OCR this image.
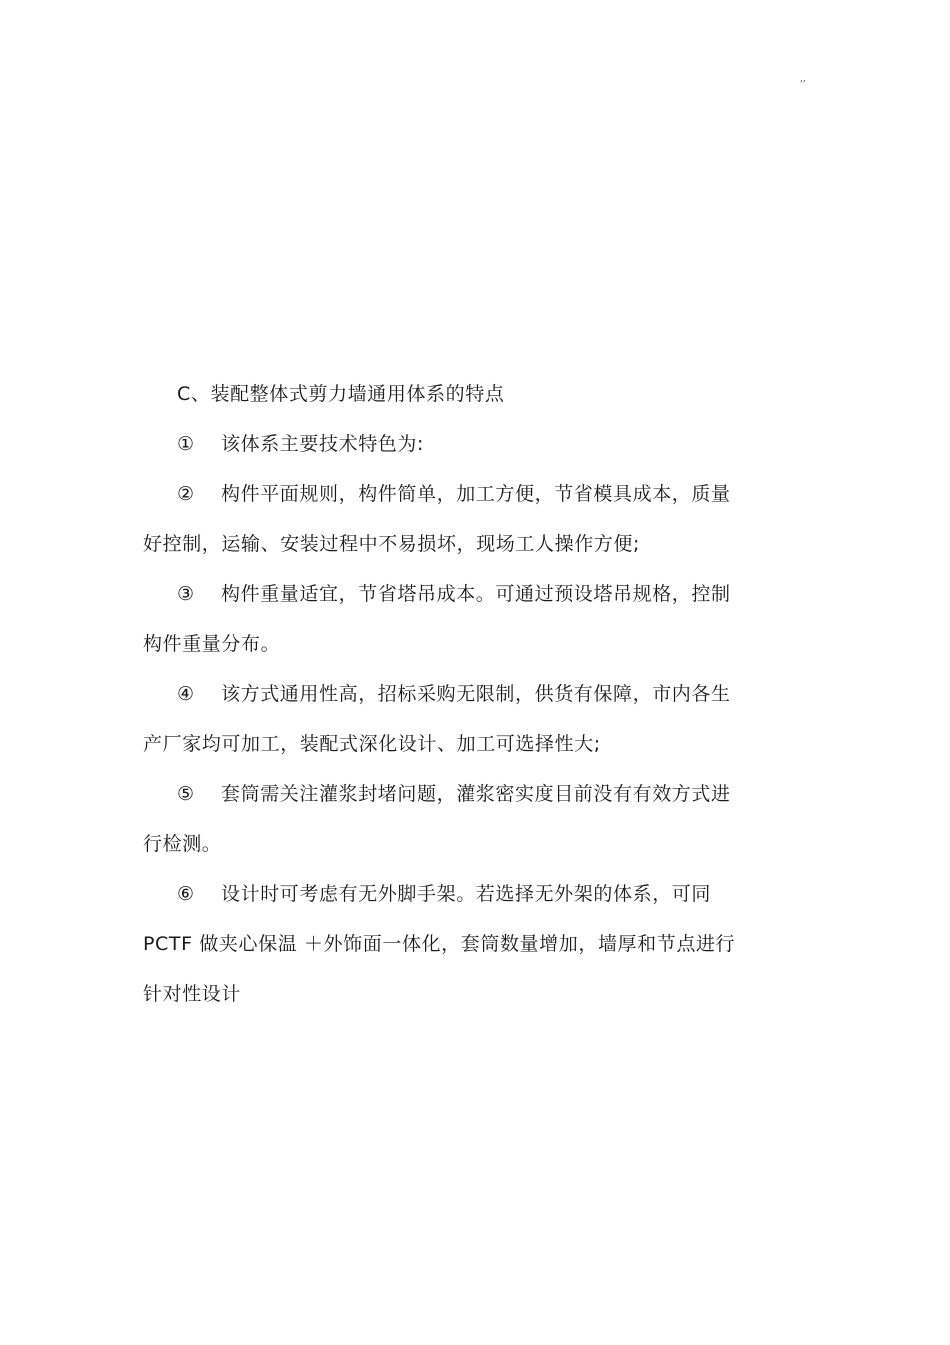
,,
C、装配整体式剪力墙通用体系的特点
① 该体系主要技术特色为:
② 构件平面规则，构件简单，加工方便，节省模具成本，质量
好控制，运输、安装过程中不易损坏，现场工人操作方便;
③ 构件重量适宜，节省塔吊成本。可通过预设塔吊规格，控制
构件重量分布。
④ 该方式通用性高，招标采购无限制，供货有保障，市内各生
产厂家均可加工，装配式深化设计、加工可选择性大;
⑤ 套筒需关注灌浆封堵问题，灌浆密实度目前没有有效方式进
行检测。
⑥ 设计时可考虑有无外脚手架。若选择无外架的体系，可同
PCTF 做夹心保温 ＋外饰面一体化，套筒数量增加，墙厚和节点进行
针对性设计
